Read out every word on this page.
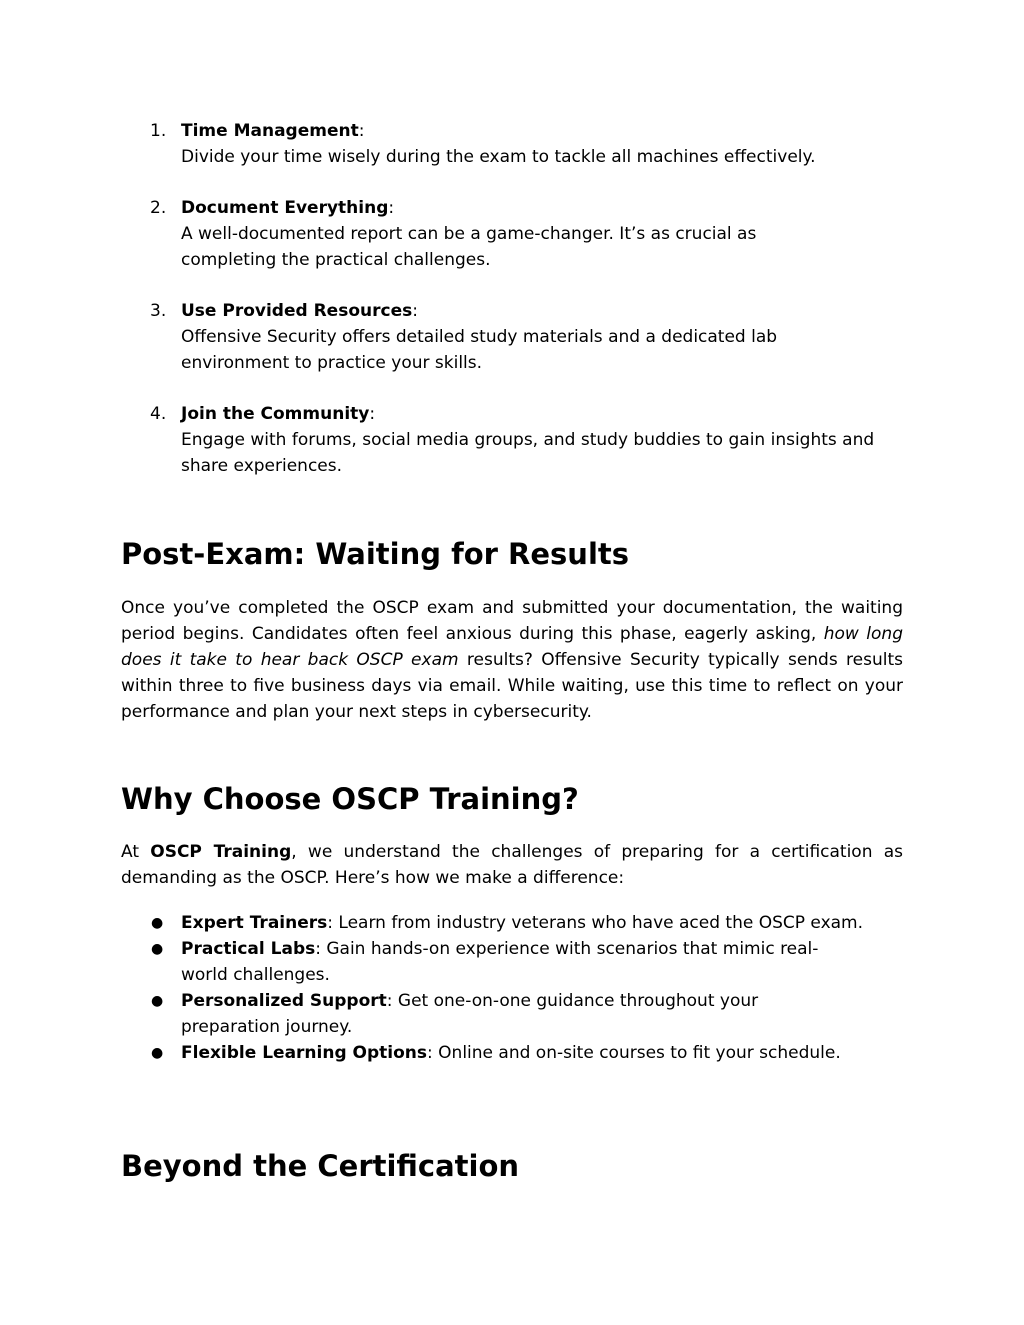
1. Time Management:
Divide your time wisely during the exam to tackle all machines effectively.
2. Document Everything:
A well-documented report can be a game-changer. It’s as crucial as completing the practical challenges.
3. Use Provided Resources:
Offensive Security offers detailed study materials and a dedicated lab environment to practice your skills.
4. Join the Community:
Engage with forums, social media groups, and study buddies to gain insights and share experiences.
Post-Exam: Waiting for Results

Once you’ve completed the OSCP exam and submitted your documentation, the waiting period begins. Candidates often feel anxious during this phase, eagerly asking, how long does it take to hear back OSCP exam results? Offensive Security typically sends results within three to five business days via email. While waiting, use this time to reflect on your performance and plan your next steps in cybersecurity.

Why Choose OSCP Training?

At OSCP Training, we understand the challenges of preparing for a certification as demanding as the OSCP. Here’s how we make a difference:

● Expert Trainers: Learn from industry veterans who have aced the OSCP exam.
● Practical Labs: Gain hands-on experience with scenarios that mimic real-world challenges.
● Personalized Support: Get one-on-one guidance throughout your preparation journey.
● Flexible Learning Options: Online and on-site courses to fit your schedule.
Beyond the Certification
